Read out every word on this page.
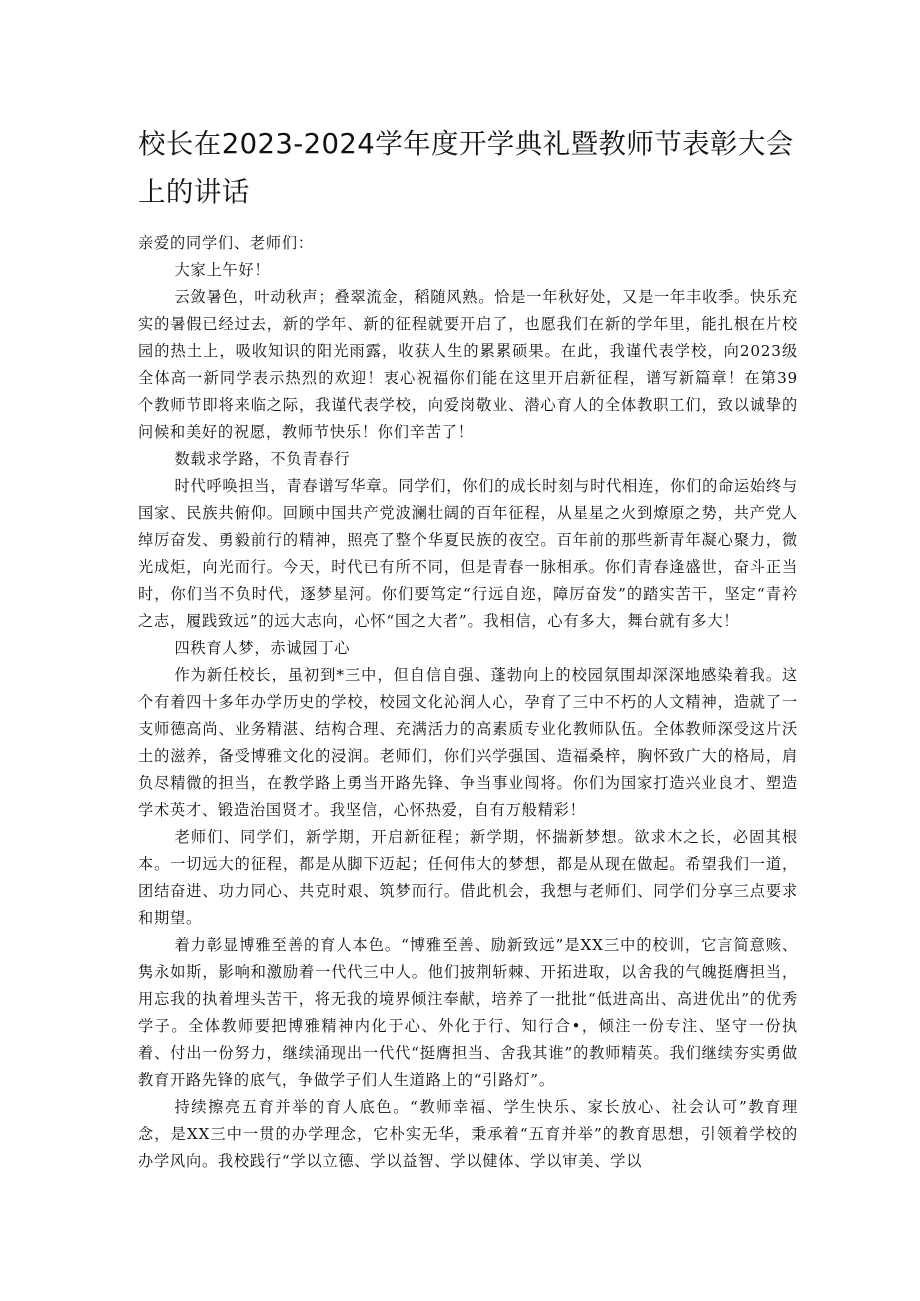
校长在2023-2024学年度开学典礼暨教师节表彰大会上的讲话

亲爱的同学们、老师们：

大家上午好！

云敛暑色，叶动秋声；叠翠流金，稻随风熟。恰是一年秋好处，又是一年丰收季。快乐充实的暑假已经过去，新的学年、新的征程就要开启了，也愿我们在新的学年里，能扎根在片校园的热土上，吸收知识的阳光雨露，收获人生的累累硕果。在此，我谨代表学校，向2023级全体高一新同学表示热烈的欢迎！衷心祝福你们能在这里开启新征程，谱写新篇章！在第39个教师节即将来临之际，我谨代表学校，向爱岗敬业、潜心育人的全体教职工们，致以诚挚的问候和美好的祝愿，教师节快乐！你们辛苦了！

数载求学路，不负青春行

时代呼唤担当，青春谱写华章。同学们，你们的成长时刻与时代相连，你们的命运始终与国家、民族共俯仰。回顾中国共产党波澜壮阔的百年征程，从星星之火到燎原之势，共产党人绰厉奋发、勇毅前行的精神，照亮了整个华夏民族的夜空。百年前的那些新青年凝心聚力，微光成炬，向光而行。今天，时代已有所不同，但是青春一脉相承。你们青春逢盛世，奋斗正当时，你们当不负时代，逐梦星河。你们要笃定“行远自迩，障厉奋发”的踏实苦干，坚定“青衿之志，履践致远”的远大志向，心怀“国之大者”。我相信，心有多大，舞台就有多大！

四秩育人梦，赤诚园丁心

作为新任校长，虽初到*三中，但自信自强、蓬勃向上的校园氛围却深深地感染着我。这个有着四十多年办学历史的学校，校园文化沁润人心，孕育了三中不朽的人文精神，造就了一支师德高尚、业务精湛、结构合理、充满活力的高素质专业化教师队伍。全体教师深受这片沃土的滋养，备受博雅文化的浸润。老师们，你们兴学强国、造福桑梓，胸怀致广大的格局，肩负尽精微的担当，在教学路上勇当开路先锋、争当事业闯将。你们为国家打造兴业良才、塑造学术英才、锻造治国贤才。我坚信，心怀热爱，自有万般精彩！

老师们、同学们，新学期，开启新征程；新学期，怀揣新梦想。欲求木之长，必固其根本。一切远大的征程，都是从脚下迈起；任何伟大的梦想，都是从现在做起。希望我们一道，团结奋进、功力同心、共克时艰、筑梦而行。借此机会，我想与老师们、同学们分享三点要求和期望。

着力彰显博雅至善的育人本色。“博雅至善、励新致远”是XX三中的校训，它言简意赅、隽永如斯，影响和激励着一代代三中人。他们披荆斩棘、开拓进取，以舍我的气魄挺膺担当，用忘我的执着埋头苦干，将无我的境界倾注奉献，培养了一批批“低进高出、高进优出”的优秀学子。全体教师要把博雅精神内化于心、外化于行、知行合•，倾注一份专注、坚守一份执着、付出一份努力，继续涌现出一代代“挺膺担当、舍我其谁”的教师精英。我们继续夯实勇做教育开路先锋的底气，争做学子们人生道路上的“引路灯”。

持续擦亮五育并举的育人底色。“教师幸福、学生快乐、家长放心、社会认可”教育理念，是XX三中一贯的办学理念，它朴实无华，秉承着“五育并举”的教育思想，引领着学校的办学风向。我校践行“学以立德、学以益智、学以健体、学以审美、学以
